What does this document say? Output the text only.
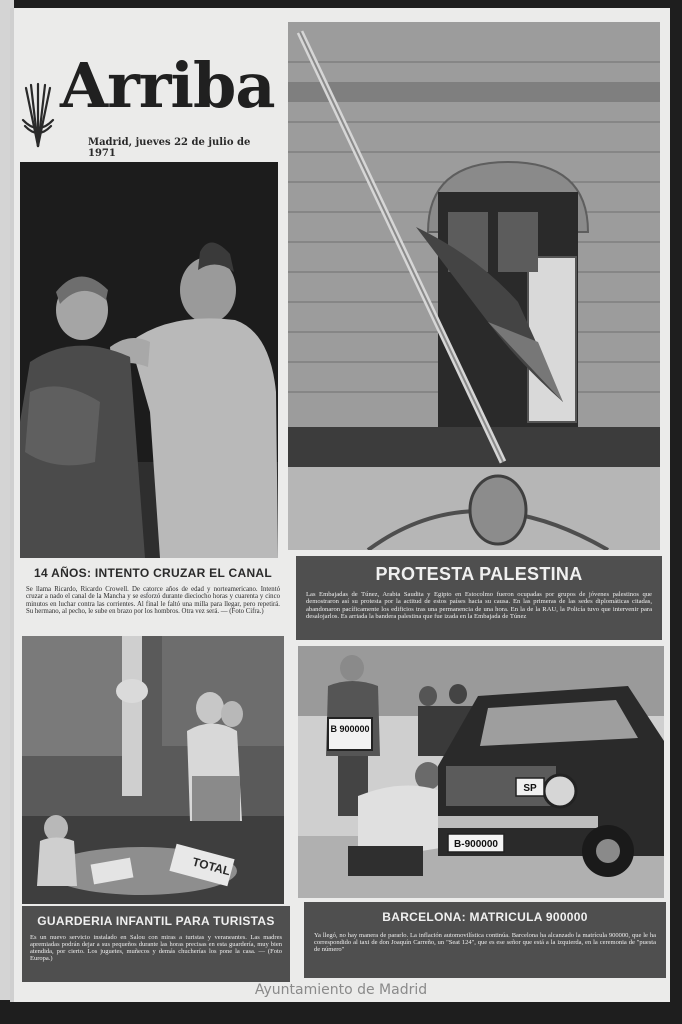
Arriba
Madrid, jueves 22 de julio de 1971
14 AÑOS: INTENTO CRUZAR EL CANAL
Se llama Ricardo, Ricardo Crowell. De catorce años de edad y norteamericano. Intentó cruzar a nado el canal de la Mancha y se esforzó durante dieciocho horas y cuarenta y cinco minutos en luchar contra las corrientes. Al final le faltó una milla para llegar, pero repetirá. Su hermano, al pecho, le sube en brazo por los hombros. Otra vez será. — (Foto Cifra.)
PROTESTA PALESTINA
Las Embajadas de Túnez, Arabia Saudita y Egipto en Estocolmo fueron ocupadas por grupos de jóvenes palestinos que demostraron así su protesta por la actitud de estos países hacia su causa. En las primeras de las sedes diplomáticas citadas, abandonaron pacíficamente los edificios tras una permanencia de una hora. En la de la RAU, la Policía tuvo que intervenir para desalojarlos. Es arriada la bandera palestina que fue izada en la Embajada de Túnez
TOTAL
B 900000
SP
B-900000
GUARDERIA INFANTIL PARA TURISTAS
Es un nuevo servicio instalado en Salou con miras a turistas y veraneantes. Las madres apremiadas podrán dejar a sus pequeños durante las horas precisas en esta guardería, muy bien atendida, por cierto. Los juguetes, muñecos y demás chucherías los pone la casa. — (Foto Europa.)
BARCELONA: MATRICULA 900000
Ya llegó, no hay manera de pararlo. La inflación automovilística continúa. Barcelona ha alcanzado la matrícula 900000, que le ha correspondido al taxi de don Joaquín Carreño, un "Seat 124", que es ese señor que está a la izquierda, en la ceremonia de "puesta de número"
Ayuntamiento de Madrid
